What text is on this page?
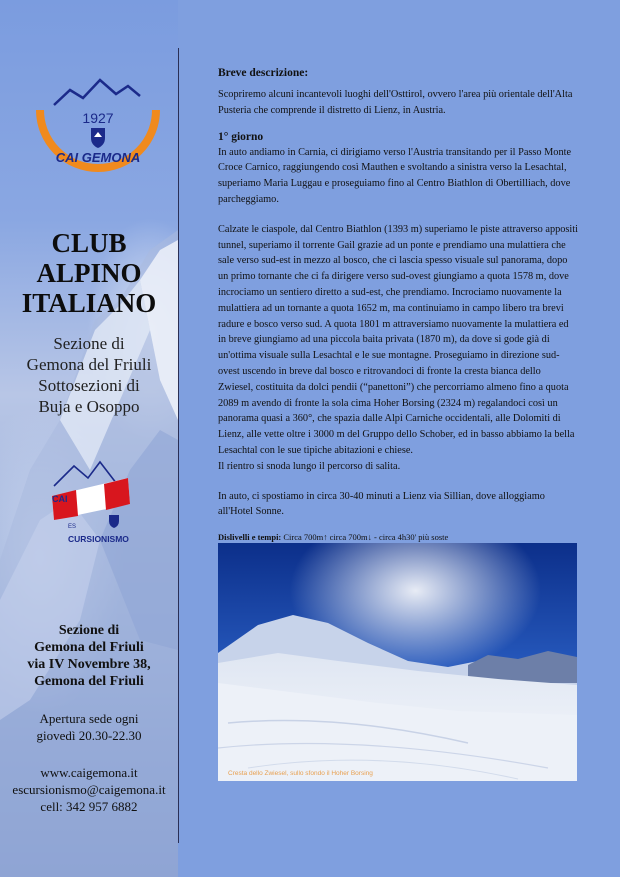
CAI GEMONA
1927
CLUB
ALPINO
ITALIANO
Sezione di
Gemona del Friuli
Sottosezioni di
Buja e Osoppo
CAI
ES
CURSIONISMO
Sezione di
Gemona del Friuli
via IV Novembre 38,
Gemona del Friuli
Apertura sede ogni
giovedì 20.30-22.30
www.caigemona.it
escursionismo@caigemona.it
cell: 342 957 6882
Breve descrizione:

Scopriremo alcuni incantevoli luoghi dell'Osttirol, ovvero l'area più orientale dell'Alta Pusteria che comprende il distretto di Lienz, in Austria.

1° giorno

In auto andiamo in Carnia, ci dirigiamo verso l'Austria transitando per il Passo Monte Croce Carnico, raggiungendo così Mauthen e svoltando a sinistra verso la Lesachtal, superiamo Maria Luggau e proseguiamo fino al Centro Biathlon di Obertilliach, dove parcheggiamo.

Calzate le ciaspole, dal Centro Biathlon (1393 m) superiamo le piste attraverso appositi tunnel, superiamo il torrente Gail grazie ad un ponte e prendiamo una mulattiera che sale verso sud-est in mezzo al bosco, che ci lascia spesso visuale sul panorama, dopo un primo tornante che ci fa dirigere verso sud-ovest giungiamo a quota 1578 m, dove incrociamo un sentiero diretto a sud-est, che prendiamo. Incrociamo nuovamente la mulattiera ad un tornante a quota 1652 m, ma continuiamo in campo libero tra brevi radure e bosco verso sud. A quota 1801 m attraversiamo nuovamente la mulattiera ed in breve giungiamo ad una piccola baita privata (1870 m), da dove si gode già di un'ottima visuale sulla Lesachtal e le sue montagne. Proseguiamo in direzione sud-ovest uscendo in breve dal bosco e ritrovandoci di fronte la cresta bianca dello Zwiesel, costituita da dolci pendii (“panettoni”) che percorriamo almeno fino a quota 2089 m avendo di fronte la sola cima Hoher Borsing (2324 m) regalandoci così un panorama quasi a 360°, che spazia dalle Alpi Carniche occidentali, alle Dolomiti di Lienz, alle vette oltre i 3000 m del Gruppo dello Schober, ed in basso abbiamo la bella Lesachtal con le sue tipiche abitazioni e chiese.

Il rientro si snoda lungo il percorso di salita.

In auto, ci spostiamo in circa 30-40 minuti a Lienz via Sillian, dove alloggiamo all'Hotel Sonne.

Dislivelli e tempi: Circa 700m↑ circa 700m↓ - circa 4h30' più soste
Cresta dello Zwiesel, sullo sfondo il Hoher Borsing
